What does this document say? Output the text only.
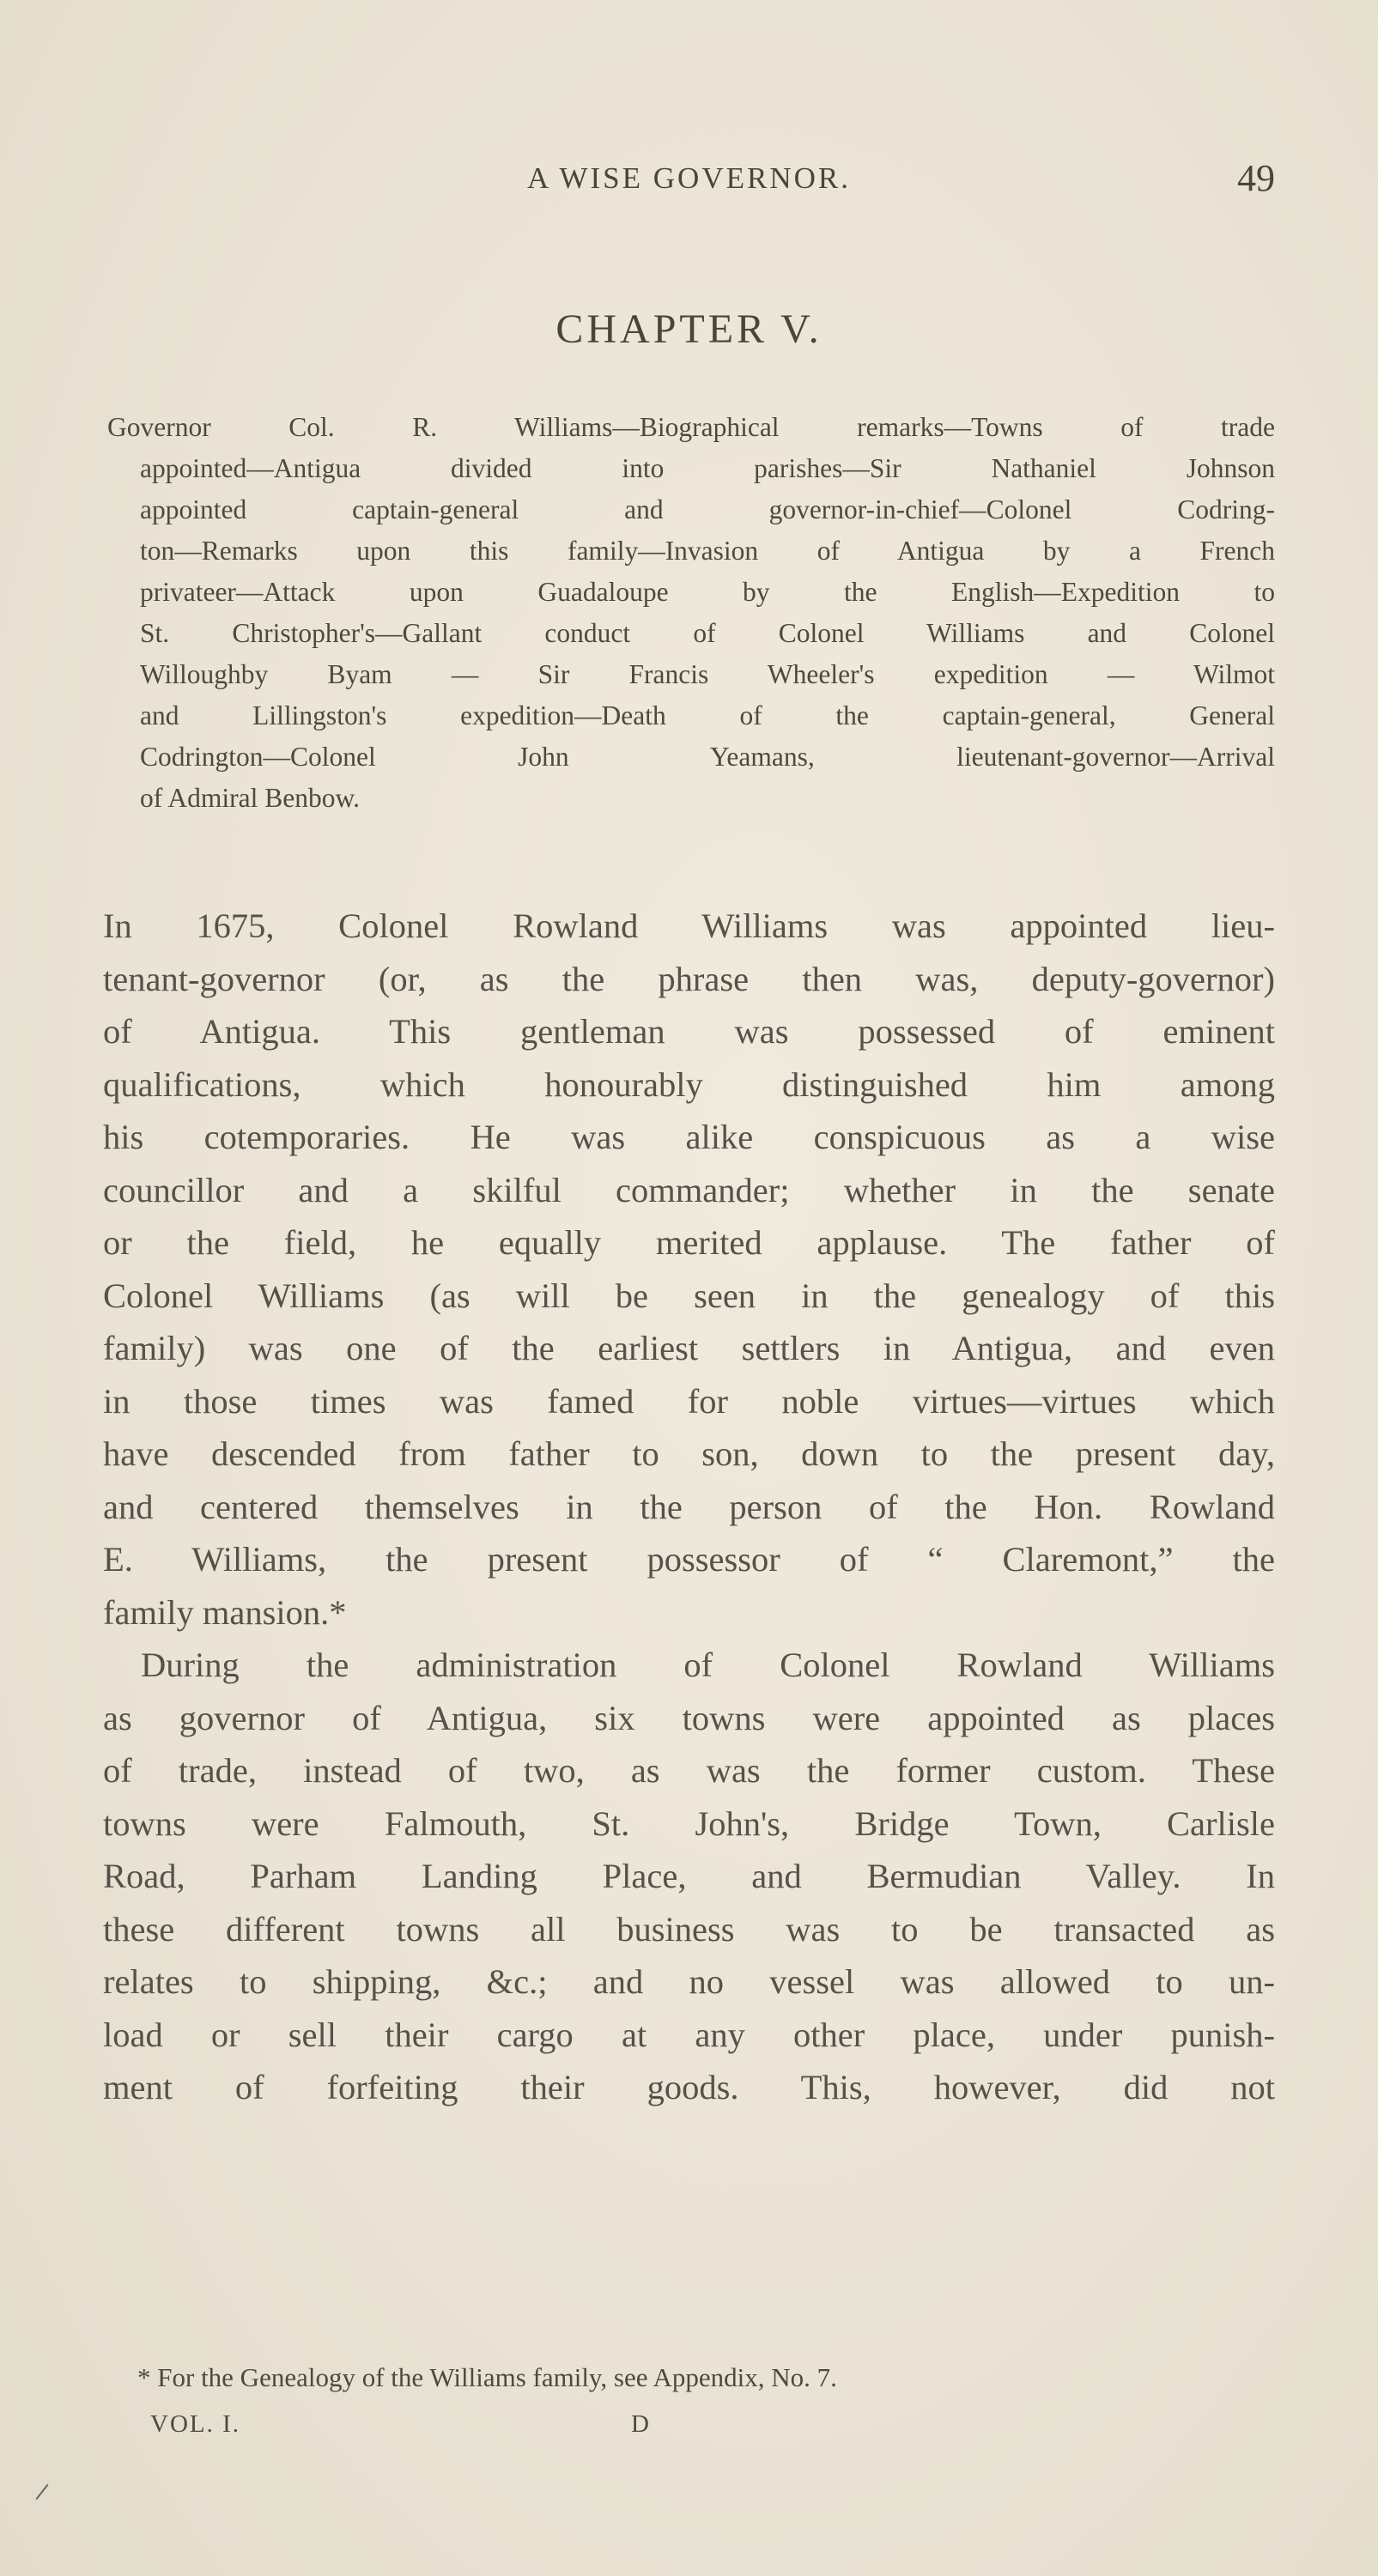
A WISE GOVERNOR.	49
CHAPTER V.
Governor Col. R. Williams—Biographical remarks—Towns of trade
appointed—Antigua divided into parishes—Sir Nathaniel Johnson
appointed captain-general and governor-in-chief—Colonel Codring-
ton—Remarks upon this family—Invasion of Antigua by a French
privateer—Attack upon Guadaloupe by the English—Expedition to
St. Christopher's—Gallant conduct of Colonel Williams and Colonel
Willoughby Byam — Sir Francis Wheeler's expedition — Wilmot
and Lillingston's expedition—Death of the captain-general, General
Codrington—Colonel John Yeamans, lieutenant-governor—Arrival
of Admiral Benbow.
In 1675, Colonel Rowland Williams was appointed lieu-
tenant-governor (or, as the phrase then was, deputy-governor)
of Antigua. This gentleman was possessed of eminent
qualifications, which honourably distinguished him among
his cotemporaries. He was alike conspicuous as a wise
councillor and a skilful commander; whether in the senate
or the field, he equally merited applause. The father of
Colonel Williams (as will be seen in the genealogy of this
family) was one of the earliest settlers in Antigua, and even
in those times was famed for noble virtues—virtues which
have descended from father to son, down to the present day,
and centered themselves in the person of the Hon. Rowland
E. Williams, the present possessor of “ Claremont,” the
family mansion.*
During the administration of Colonel Rowland Williams
as governor of Antigua, six towns were appointed as places
of trade, instead of two, as was the former custom. These
towns were Falmouth, St. John's, Bridge Town, Carlisle
Road, Parham Landing Place, and Bermudian Valley. In
these different towns all business was to be transacted as
relates to shipping, &c.; and no vessel was allowed to un-
load or sell their cargo at any other place, under punish-
ment of forfeiting their goods. This, however, did not
* For the Genealogy of the Williams family, see Appendix, No. 7.
VOL. I.	D
